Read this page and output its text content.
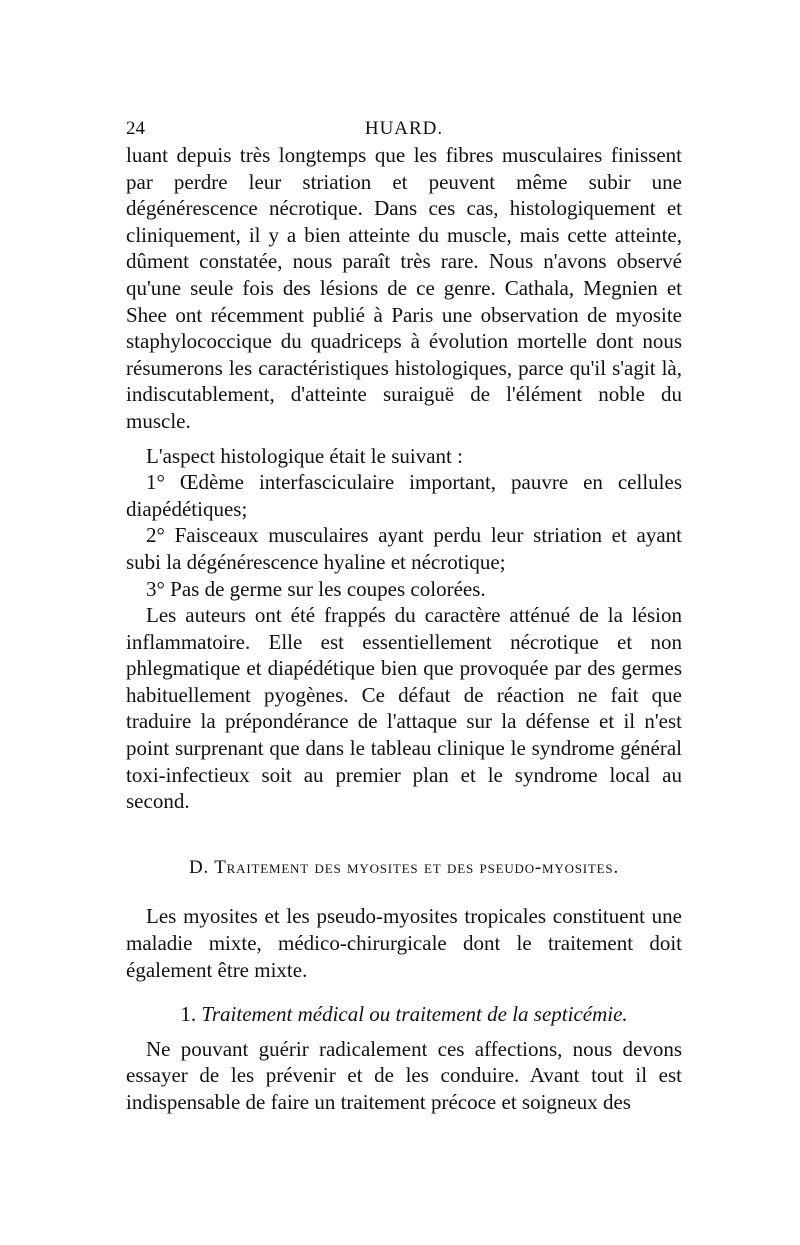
24	HUARD.

luant depuis très longtemps que les fibres musculaires finissent par perdre leur striation et peuvent même subir une dégénérescence nécrotique. Dans ces cas, histologiquement et cliniquement, il y a bien atteinte du muscle, mais cette atteinte, dûment constatée, nous paraît très rare. Nous n'avons observé qu'une seule fois des lésions de ce genre. Cathala, Megnien et Shee ont récemment publié à Paris une observation de myosite staphylococcique du quadriceps à évolution mortelle dont nous résumerons les caractéristiques histologiques, parce qu'il s'agit là, indiscutablement, d'atteinte suraiguë de l'élément noble du muscle.

L'aspect histologique était le suivant :

1° Œdème interfasciculaire important, pauvre en cellules diapédétiques;

2° Faisceaux musculaires ayant perdu leur striation et ayant subi la dégénérescence hyaline et nécrotique;

3° Pas de germe sur les coupes colorées.

Les auteurs ont été frappés du caractère atténué de la lésion inflammatoire. Elle est essentiellement nécrotique et non phlegmatique et diapédétique bien que provoquée par des germes habituellement pyogènes. Ce défaut de réaction ne fait que traduire la prépondérance de l'attaque sur la défense et il n'est point surprenant que dans le tableau clinique le syndrome général toxi-infectieux soit au premier plan et le syndrome local au second.

D. Traitement des myosites et des pseudo-myosites.

Les myosites et les pseudo-myosites tropicales constituent une maladie mixte, médico-chirurgicale dont le traitement doit également être mixte.

1. Traitement médical ou traitement de la septicémie.

Ne pouvant guérir radicalement ces affections, nous devons essayer de les prévenir et de les conduire. Avant tout il est indispensable de faire un traitement précoce et soigneux des
